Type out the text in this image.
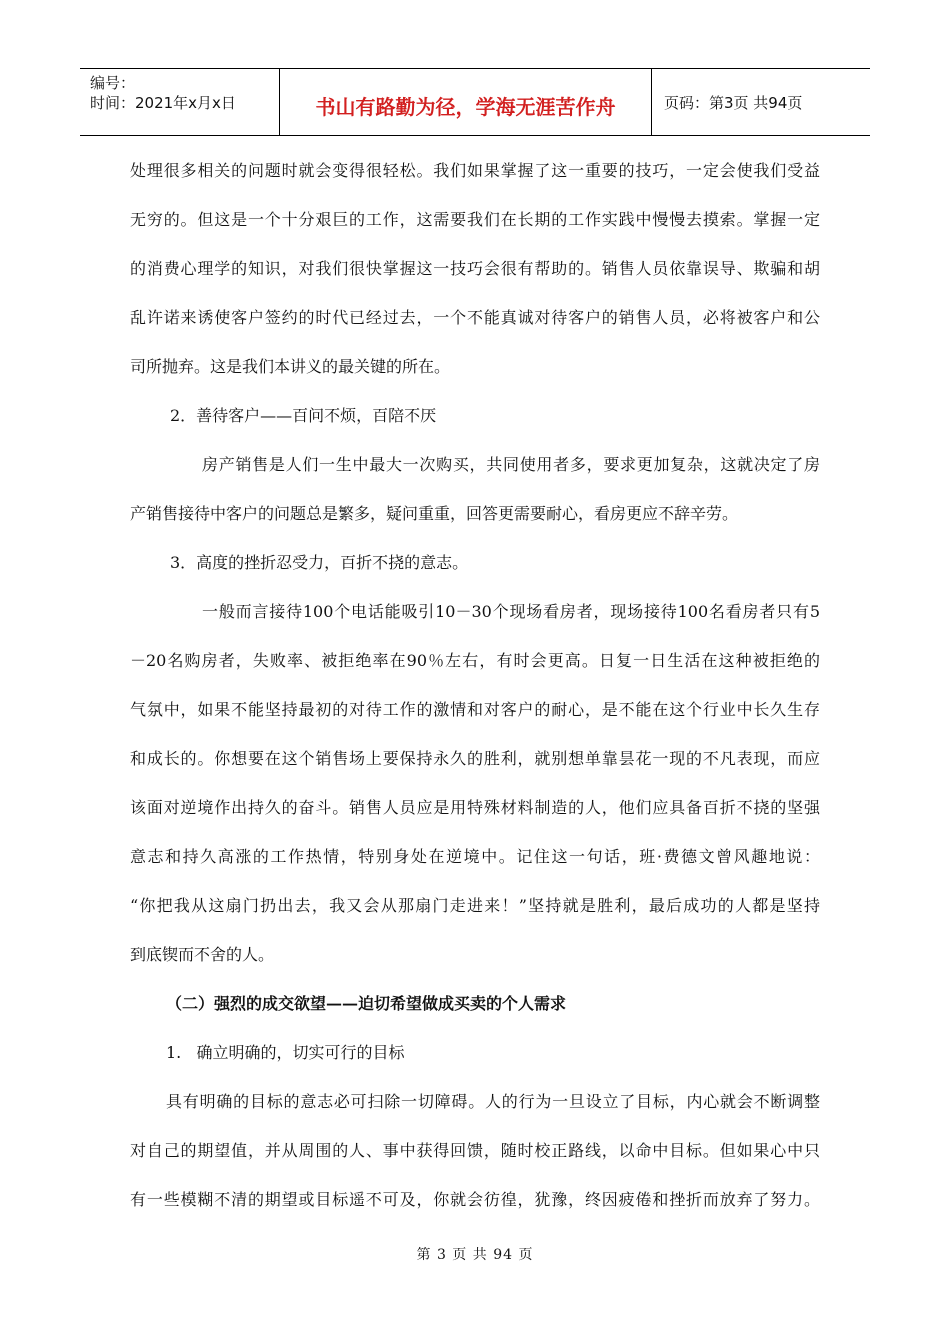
编号：
时间：2021年x月x日	书山有路勤为径，学海无涯苦作舟	页码：第3页 共94页
处理很多相关的问题时就会变得很轻松。我们如果掌握了这一重要的技巧，一定会使我们受益
无穷的。但这是一个十分艰巨的工作，这需要我们在长期的工作实践中慢慢去摸索。掌握一定
的消费心理学的知识，对我们很快掌握这一技巧会很有帮助的。销售人员依靠误导、欺骗和胡
乱许诺来诱使客户签约的时代已经过去，一个不能真诚对待客户的销售人员，必将被客户和公
司所抛弃。这是我们本讲义的最关键的所在。
2．善待客户——百问不烦，百陪不厌
房产销售是人们一生中最大一次购买，共同使用者多，要求更加复杂，这就决定了房
产销售接待中客户的问题总是繁多，疑问重重，回答更需要耐心，看房更应不辞辛劳。
3．高度的挫折忍受力，百折不挠的意志。
一般而言接待100个电话能吸引10－30个现场看房者，现场接待100名看房者只有5
－20名购房者，失败率、被拒绝率在90％左右，有时会更高。日复一日生活在这种被拒绝的
气氛中，如果不能坚持最初的对待工作的激情和对客户的耐心，是不能在这个行业中长久生存
和成长的。你想要在这个销售场上要保持永久的胜利，就别想单靠昙花一现的不凡表现，而应
该面对逆境作出持久的奋斗。销售人员应是用特殊材料制造的人，他们应具备百折不挠的坚强
意志和持久高涨的工作热情，特别身处在逆境中。记住这一句话，班·费德文曾风趣地说：
“你把我从这扇门扔出去，我又会从那扇门走进来！”坚持就是胜利，最后成功的人都是坚持
到底锲而不舍的人。
（二）强烈的成交欲望——迫切希望做成买卖的个人需求
1.   确立明确的，切实可行的目标
具有明确的目标的意志必可扫除一切障碍。人的行为一旦设立了目标，内心就会不断调整
对自己的期望值，并从周围的人、事中获得回馈，随时校正路线，以命中目标。但如果心中只
有一些模糊不清的期望或目标遥不可及，你就会彷徨，犹豫，终因疲倦和挫折而放弃了努力。
第 3 页 共 94 页
